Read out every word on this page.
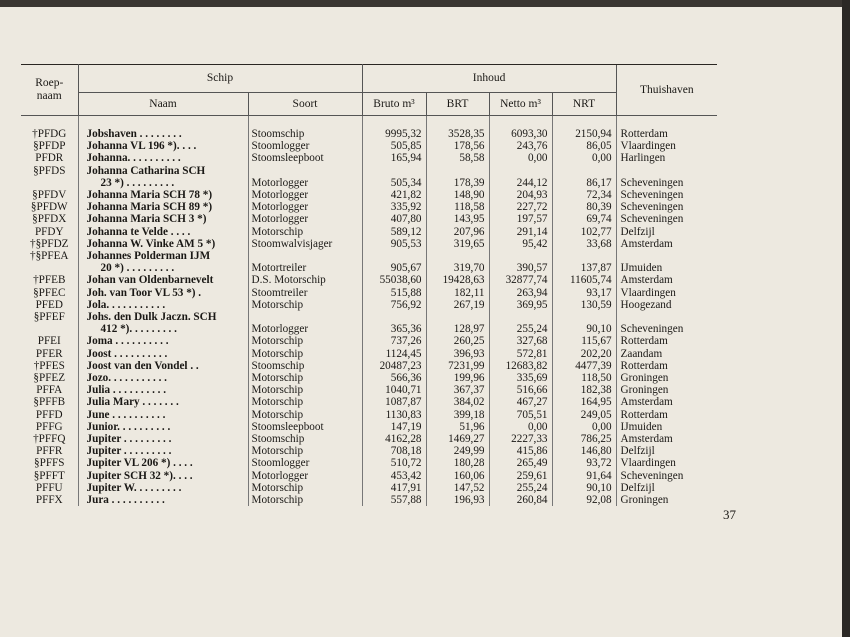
Roep-
naam	Schip		Inhoud				Thuishaven
	Naam	Soort	Bruto m³	BRT	Netto m³	NRT	

†PFDG	Jobshaven . . . . . . . .	Stoomschip	9995,32	3528,35	6093,30	2150,94	Rotterdam
§PFDP	Johanna VL 196 *). . . .	Stoomlogger	505,85	178,56	243,76	86,05	Vlaardingen
PFDR	Johanna. . . . . . . . . .	Stoomsleepboot	165,94	58,58	0,00	0,00	Harlingen
§PFDS	Johanna Catharina SCH						
	23 *) . . . . . . . . .	Motorlogger	505,34	178,39	244,12	86,17	Scheveningen
§PFDV	Johanna Maria SCH 78 *)	Motorlogger	421,82	148,90	204,93	72,34	Scheveningen
§PFDW	Johanna Maria SCH 89 *)	Motorlogger	335,92	118,58	227,72	80,39	Scheveningen
§PFDX	Johanna Maria SCH 3 *)	Motorlogger	407,80	143,95	197,57	69,74	Scheveningen
PFDY	Johanna te Velde . . . .	Motorschip	589,12	207,96	291,14	102,77	Delfzijl
†§PFDZ	Johanna W. Vinke AM 5 *)	Stoomwalvisjager	905,53	319,65	95,42	33,68	Amsterdam
†§PFEA	Johannes Polderman IJM						
	20 *) . . . . . . . . .	Motortreiler	905,67	319,70	390,57	137,87	IJmuiden
†PFEB	Johan van Oldenbarnevelt	D.S. Motorschip	55038,60	19428,63	32877,74	11605,74	Amsterdam
§PFEC	Joh. van Toor VL 53 *) .	Stoomtreiler	515,88	182,11	263,94	93,17	Vlaardingen
PFED	Jola. . . . . . . . . . .	Motorschip	756,92	267,19	369,95	130,59	Hoogezand
§PFEF	Johs. den Dulk Jaczn. SCH						
	412 *). . . . . . . . .	Motorlogger	365,36	128,97	255,24	90,10	Scheveningen
PFEI	Joma . . . . . . . . . .	Motorschip	737,26	260,25	327,68	115,67	Rotterdam
PFER	Joost . . . . . . . . . .	Motorschip	1124,45	396,93	572,81	202,20	Zaandam
†PFES	Joost van den Vondel . .	Stoomschip	20487,23	7231,99	12683,82	4477,39	Rotterdam
§PFEZ	Jozo. . . . . . . . . . .	Motorschip	566,36	199,96	335,69	118,50	Groningen
PFFA	Julia . . . . . . . . . .	Motorschip	1040,71	367,37	516,66	182,38	Groningen
§PFFB	Julia Mary . . . . . . .	Motorschip	1087,87	384,02	467,27	164,95	Amsterdam
PFFD	June . . . . . . . . . .	Motorschip	1130,83	399,18	705,51	249,05	Rotterdam
PFFG	Junior. . . . . . . . . .	Stoomsleepboot	147,19	51,96	0,00	0,00	IJmuiden
†PFFQ	Jupiter . . . . . . . . .	Stoomschip	4162,28	1469,27	2227,33	786,25	Amsterdam
PFFR	Jupiter . . . . . . . . .	Motorschip	708,18	249,99	415,86	146,80	Delfzijl
§PFFS	Jupiter VL 206 *) . . . .	Stoomlogger	510,72	180,28	265,49	93,72	Vlaardingen
§PFFT	Jupiter SCH 32 *). . . .	Motorlogger	453,42	160,06	259,61	91,64	Scheveningen
PFFU	Jupiter W. . . . . . . . .	Motorschip	417,91	147,52	255,24	90,10	Delfzijl
PFFX	Jura . . . . . . . . . .	Motorschip	557,88	196,93	260,84	92,08	Groningen
37
